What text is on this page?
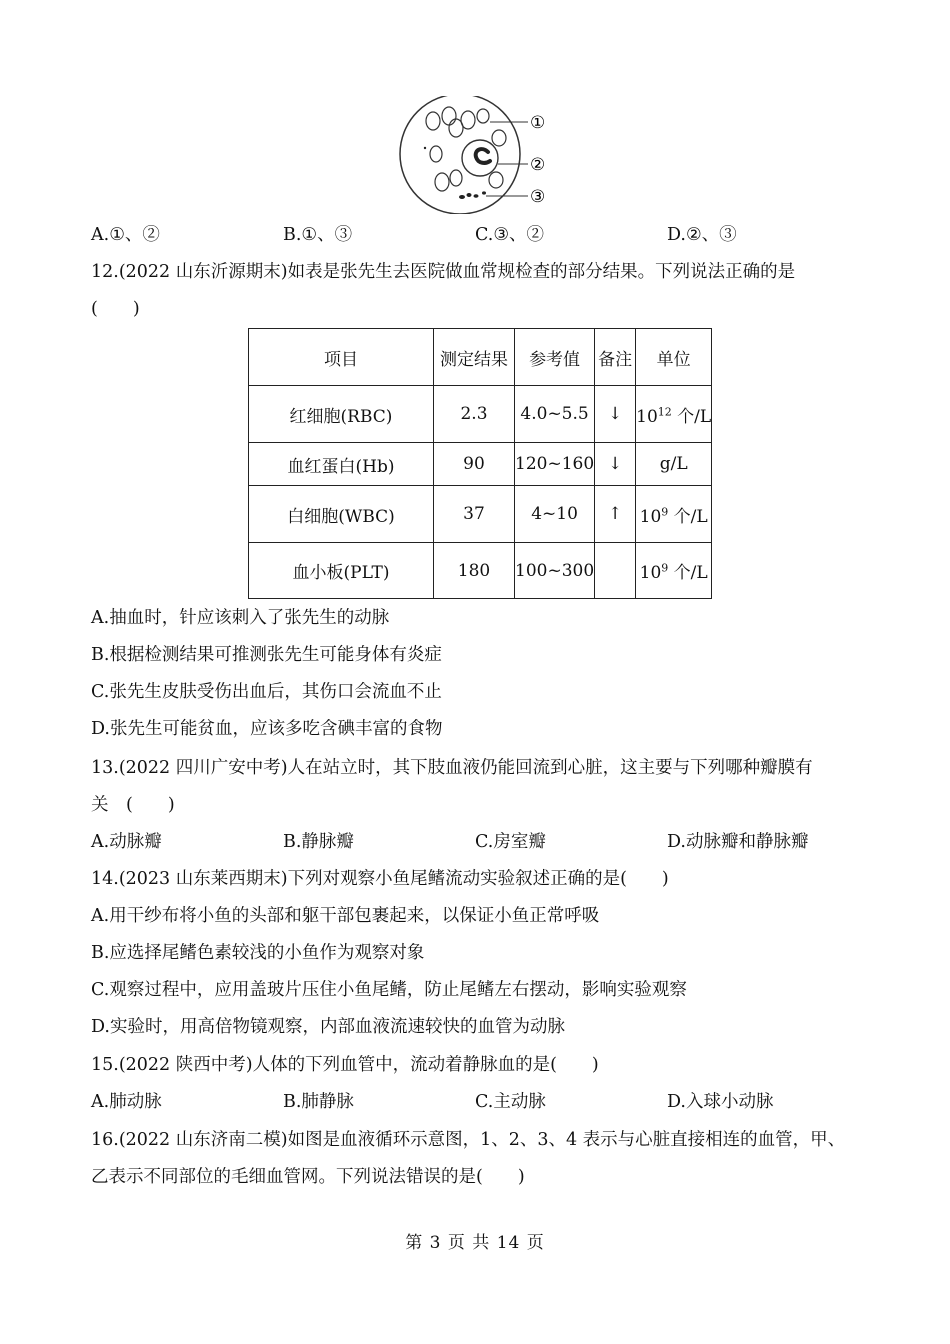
①
②
③
A.①、②	B.①、③	C.③、②	D.②、③
12.(2022 山东沂源期末)如表是张先生去医院做血常规检查的部分结果。下列说法正确的是
(　　)
项目	测定结果	参考值	备注	单位
红细胞(RBC)	2.3	4.0~5.5	↓	$10^{12}$ 个/L
血红蛋白(Hb)	90	120~160	↓	g/L
白细胞(WBC)	37	4~10	↑	$10^9$ 个/L
血小板(PLT)	180	100~300		$10^9$ 个/L
A.抽血时，针应该刺入了张先生的动脉
B.根据检测结果可推测张先生可能身体有炎症
C.张先生皮肤受伤出血后，其伤口会流血不止
D.张先生可能贫血，应该多吃含碘丰富的食物
13.(2022 四川广安中考)人在站立时，其下肢血液仍能回流到心脏，这主要与下列哪种瓣膜有
关　(　　)
A.动脉瓣	B.静脉瓣	C.房室瓣	D.动脉瓣和静脉瓣
14.(2023 山东莱西期末)下列对观察小鱼尾鳍流动实验叙述正确的是(　　)
A.用干纱布将小鱼的头部和躯干部包裹起来，以保证小鱼正常呼吸
B.应选择尾鳍色素较浅的小鱼作为观察对象
C.观察过程中，应用盖玻片压住小鱼尾鳍，防止尾鳍左右摆动，影响实验观察
D.实验时，用高倍物镜观察，内部血液流速较快的血管为动脉
15.(2022 陕西中考)人体的下列血管中，流动着静脉血的是(　　)
A.肺动脉	B.肺静脉	C.主动脉	D.入球小动脉
16.(2022 山东济南二模)如图是血液循环示意图，1、2、3、4 表示与心脏直接相连的血管，甲、
乙表示不同部位的毛细血管网。下列说法错误的是(　　)
第 3 页 共 14 页
